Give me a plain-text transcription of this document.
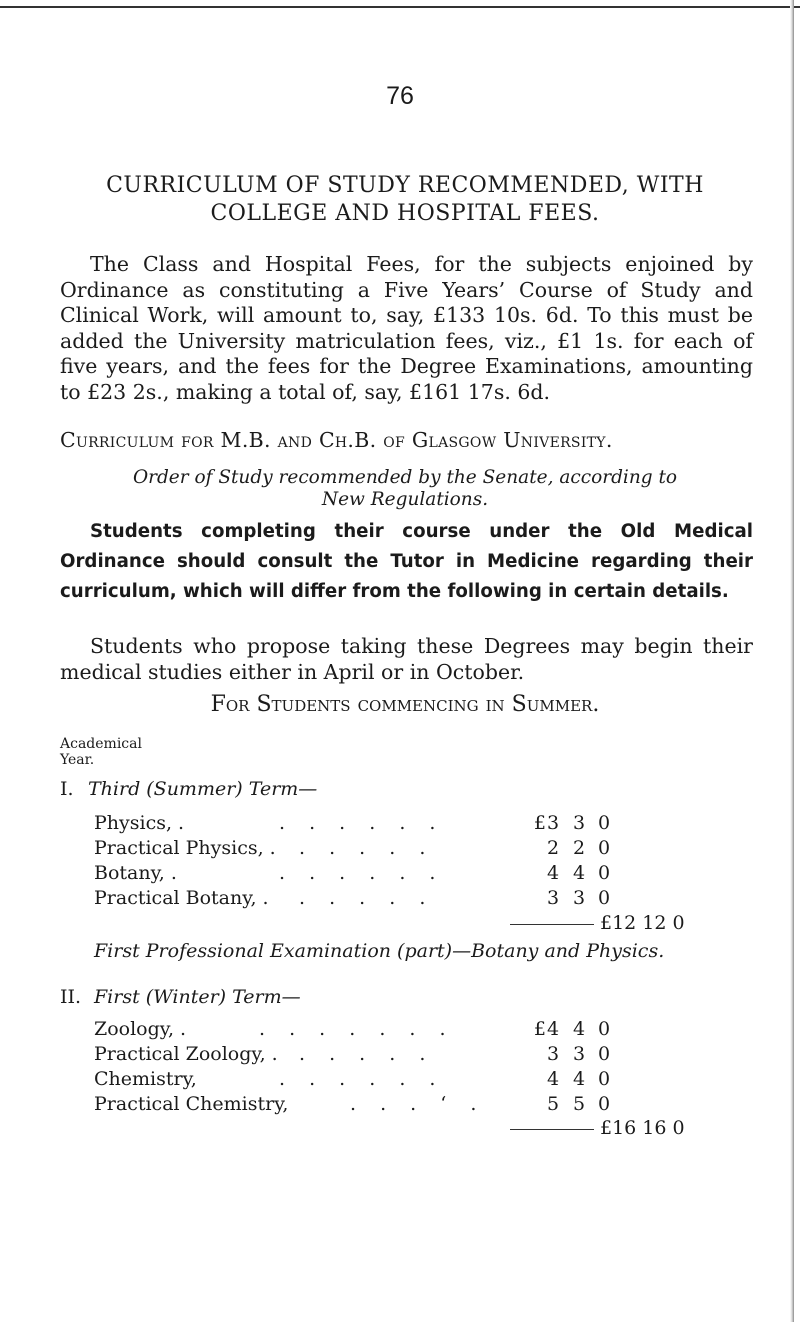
76
CURRICULUM OF STUDY RECOMMENDED, WITH
COLLEGE AND HOSPITAL FEES.
The Class and Hospital Fees, for the subjects enjoined by Ordinance as constituting a Five Years’ Course of Study and Clinical Work, will amount to, say, £133 10s. 6d. To this must be added the University matriculation fees, viz., £1 1s. for each of five years, and the fees for the Degree Examinations, amounting to £23 2s., making a total of, say, £161 17s. 6d.
Curriculum for M.B. and Ch.B. of Glasgow University.
Order of Study recommended by the Senate, according to
New Regulations.
Students completing their course under the Old Medical Ordinance should consult the Tutor in Medicine regarding their curriculum, which will differ from the following in certain details.
Students who propose taking these Degrees may begin their medical studies either in April or in October.
For Students commencing in Summer.
Academical
Year.
I. Third (Summer) Term—
Physics, .	. . . . . .	£ 3 3 0
Practical Physics, . . . . . .	2 2 0
Botany, .	. . . . . .	4 4 0
Practical Botany, . . . . . .	3 3 0
£12 12 0
First Professional Examination (part)—Botany and Physics.
II. First (Winter) Term—
Zoology, .	. . . . . . .	£ 4 4 0
Practical Zoology, . . . . . .	3 3 0
Chemistry,	. . . . . .	4 4 0
Practical Chemistry,	. . . ‘ .	5 5 0
£16 16 0
